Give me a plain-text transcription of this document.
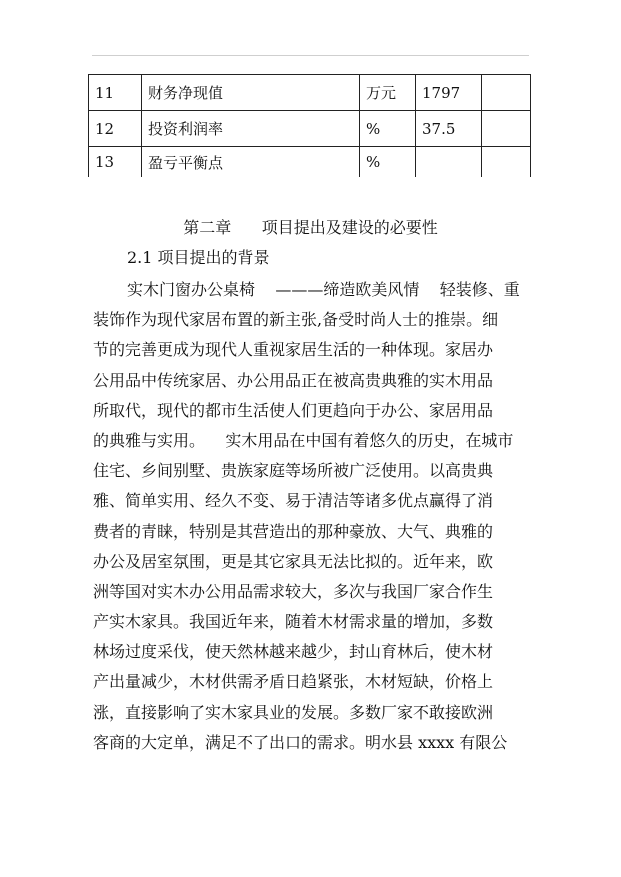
11	财务净现值	万元	1797	
12	投资利润率	%	37.5	
13	盈亏平衡点	%		
第二章      项目提出及建设的必要性
2.1 项目提出的背景
实木门窗办公桌椅    ———缔造欧美风情    轻装修、重
装饰作为现代家居布置的新主张,备受时尚人士的推崇。细
节的完善更成为现代人重视家居生活的一种体现。家居办
公用品中传统家居、办公用品正在被高贵典雅的实木用品
所取代，现代的都市生活使人们更趋向于办公、家居用品
的典雅与实用。    实木用品在中国有着悠久的历史，在城市
住宅、乡间别墅、贵族家庭等场所被广泛使用。以高贵典
雅、简单实用、经久不变、易于清洁等诸多优点赢得了消
费者的青睐，特别是其营造出的那种豪放、大气、典雅的
办公及居室氛围，更是其它家具无法比拟的。近年来，欧
洲等国对实木办公用品需求较大，多次与我国厂家合作生
产实木家具。我国近年来，随着木材需求量的增加，多数
林场过度采伐，使天然林越来越少，封山育林后，使木材
产出量减少，木材供需矛盾日趋紧张，木材短缺，价格上
涨，直接影响了实木家具业的发展。多数厂家不敢接欧洲
客商的大定单，满足不了出口的需求。明水县 xxxx 有限公
